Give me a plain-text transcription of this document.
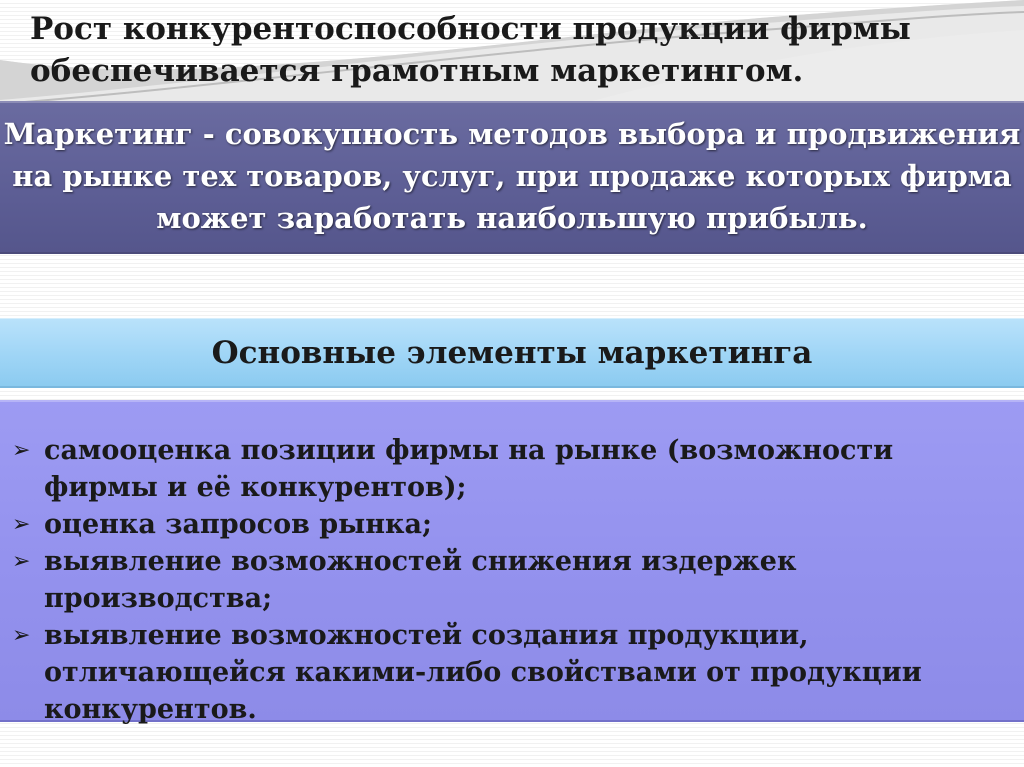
Рост конкурентоспособности продукции фирмы
обеспечивается грамотным маркетингом.
Маркетинг - совокупность методов выбора и продвижения
на рынке тех товаров, услуг, при продаже которых фирма
может заработать наибольшую прибыль.
Основные элементы маркетинга
➢ самооценка позиции фирмы на рынке (возможности фирмы и её конкурентов);
➢ оценка запросов рынка;
➢ выявление возможностей снижения издержек производства;
➢ выявление возможностей создания продукции, отличающейся какими-либо свойствами от продукции конкурентов.
